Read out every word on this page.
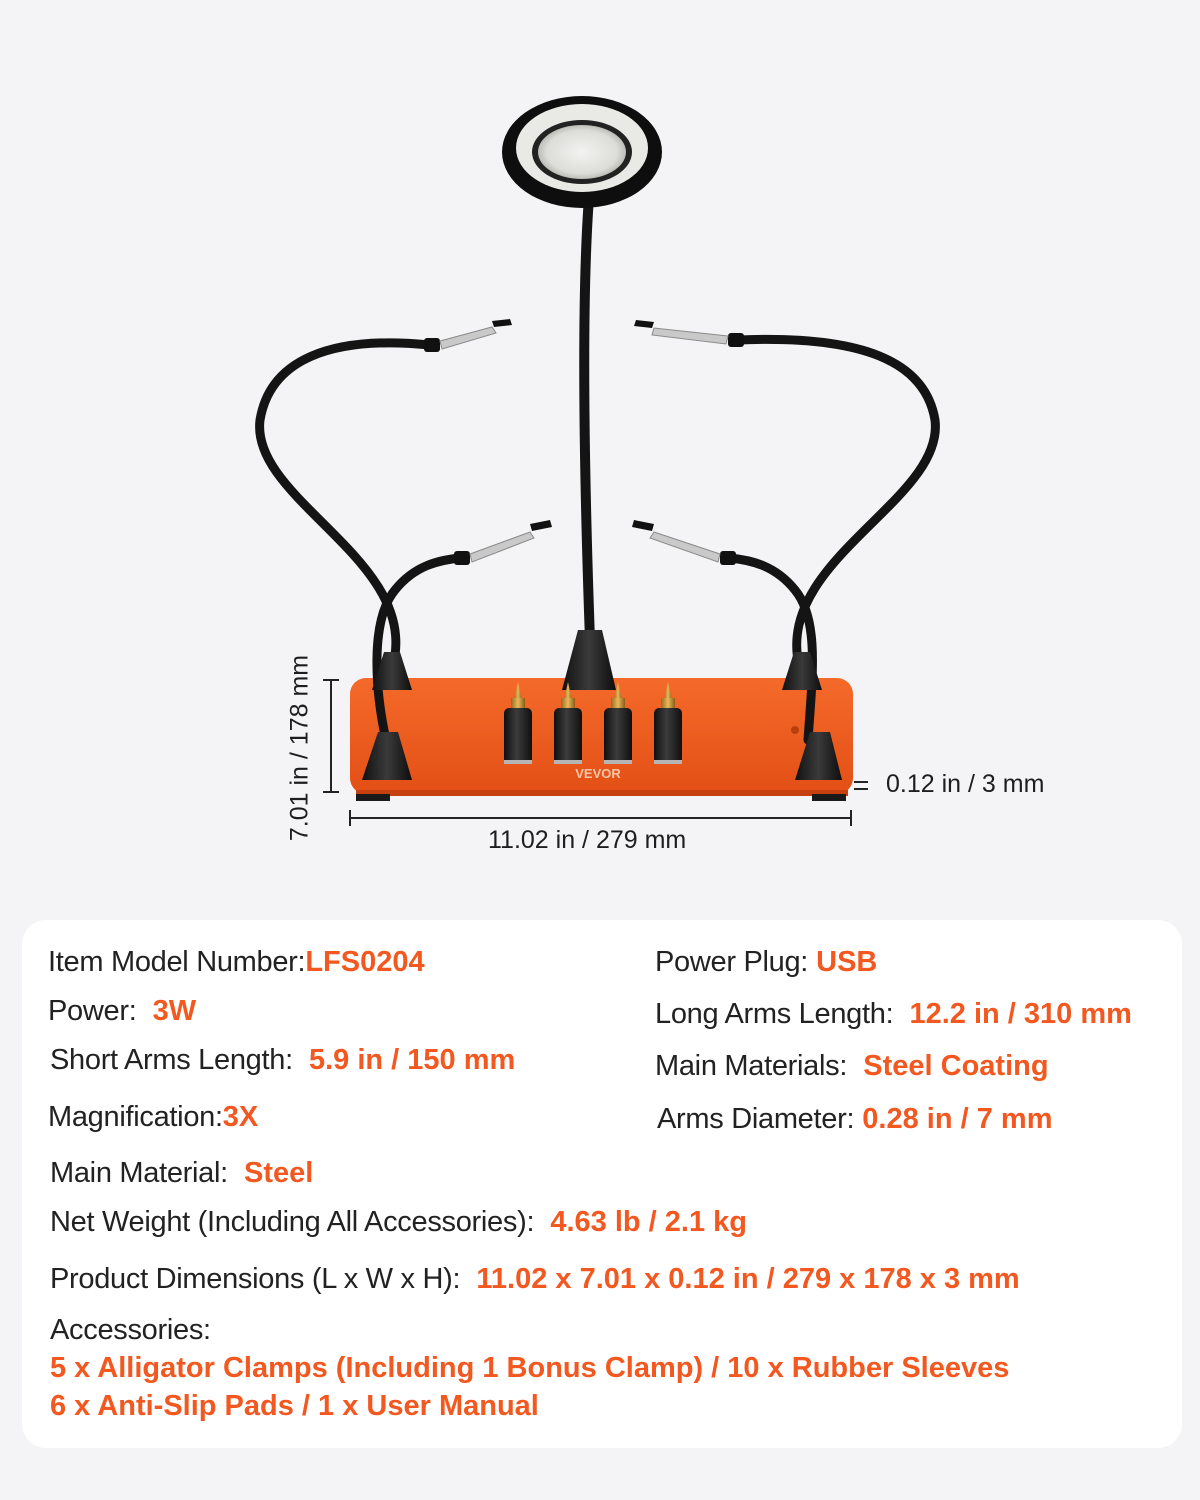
VEVOR
7.01 in / 178 mm	11.02 in / 279 mm
0.12 in / 3 mm
Item Model Number:LFS0204
Power: 3W
Short Arms Length: 5.9 in / 150 mm
Magnification:3X
Main Material: Steel
Net Weight (Including All Accessories): 4.63 lb / 2.1 kg
Product Dimensions (L x W x H): 11.02 x 7.01 x 0.12 in / 279 x 178 x 3 mm
Power Plug: USB
Long Arms Length: 12.2 in / 310 mm
Main Materials: Steel Coating
Arms Diameter: 0.28 in / 7 mm
Accessories:
5 x Alligator Clamps (Including 1 Bonus Clamp) / 10 x Rubber Sleeves
6 x Anti-Slip Pads / 1 x User Manual
